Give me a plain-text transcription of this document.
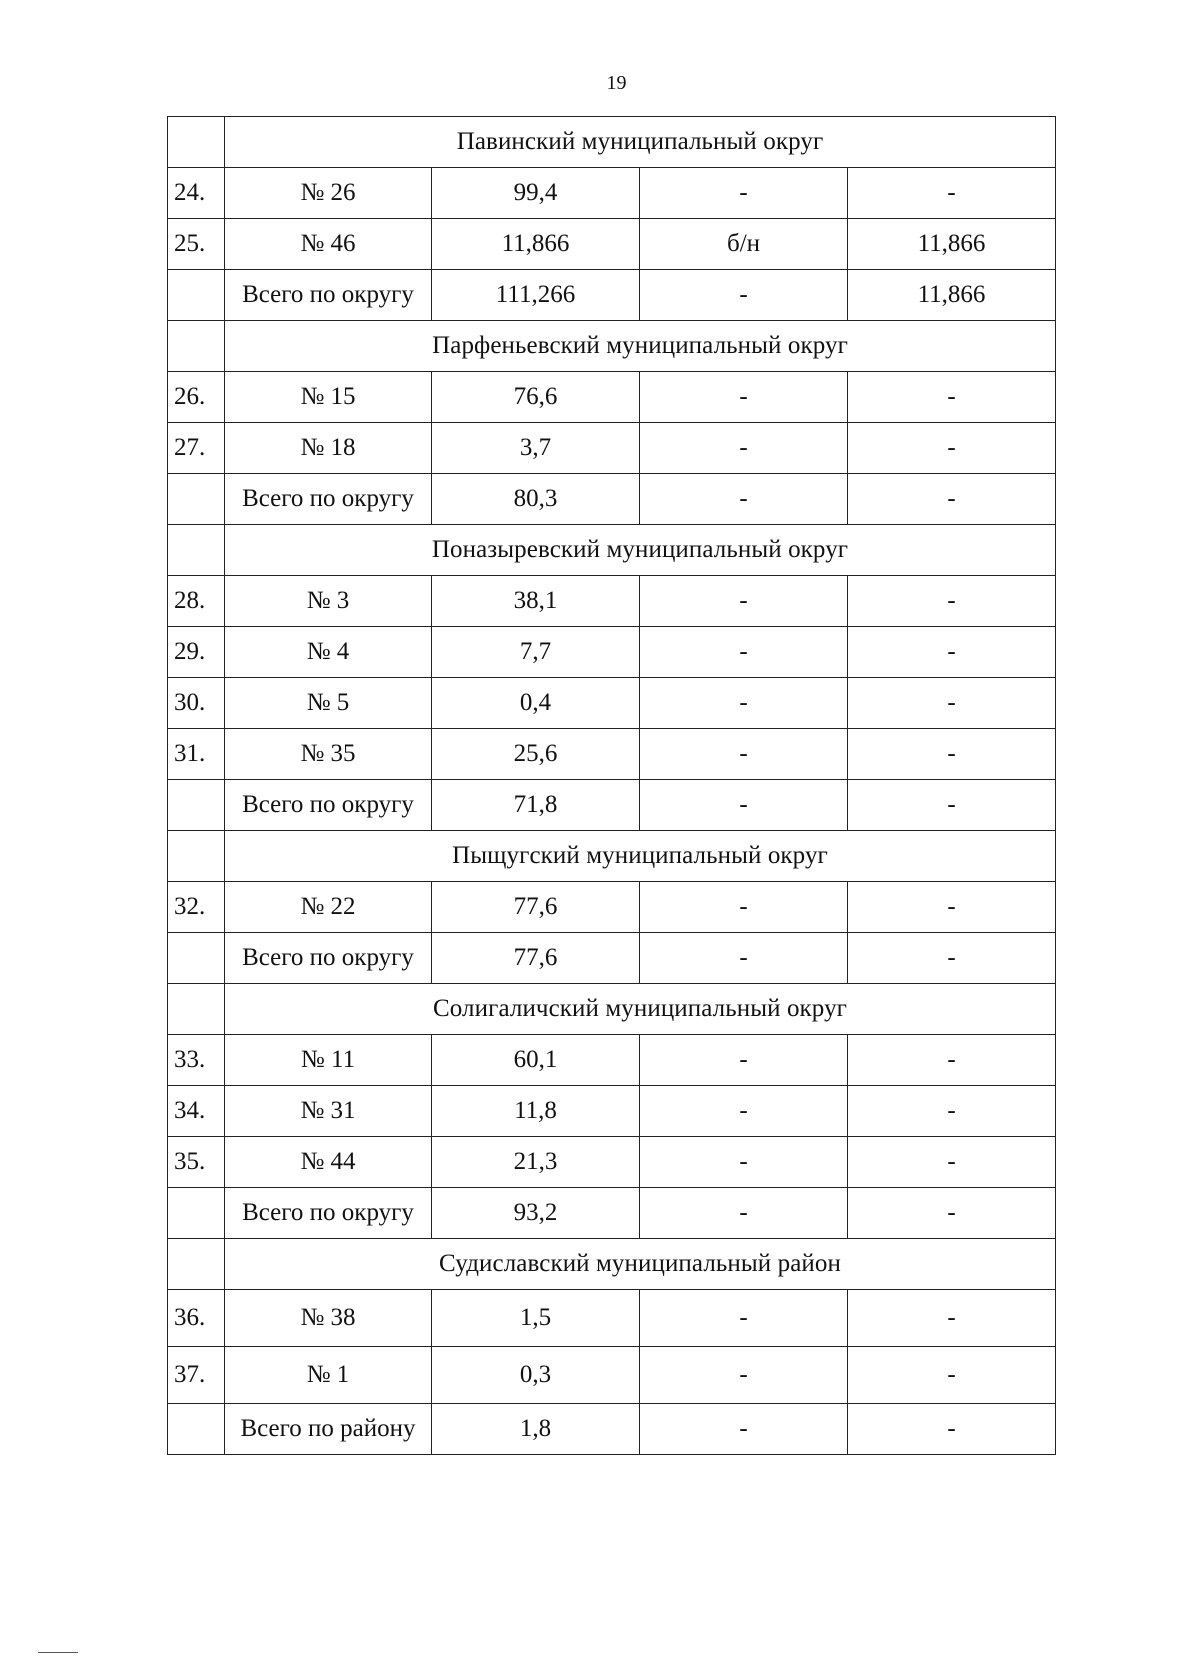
19
	Павинский муниципальный округ			
24.	№ 26	99,4	-	-
25.	№ 46	11,866	б/н	11,866
	Всего по округу	111,266	-	11,866
	Парфеньевский муниципальный округ			
26.	№ 15	76,6	-	-
27.	№ 18	3,7	-	-
	Всего по округу	80,3	-	-
	Поназыревский муниципальный округ			
28.	№ 3	38,1	-	-
29.	№ 4	7,7	-	-
30.	№ 5	0,4	-	-
31.	№ 35	25,6	-	-
	Всего по округу	71,8	-	-
	Пыщугский муниципальный округ			
32.	№ 22	77,6	-	-
	Всего по округу	77,6	-	-
	Солигаличский муниципальный округ			
33.	№ 11	60,1	-	-
34.	№ 31	11,8	-	-
35.	№ 44	21,3	-	-
	Всего по округу	93,2	-	-
	Судиславский муниципальный район			
36.	№ 38	1,5	-	-
37.	№ 1	0,3	-	-
	Всего по району	1,8	-	-
